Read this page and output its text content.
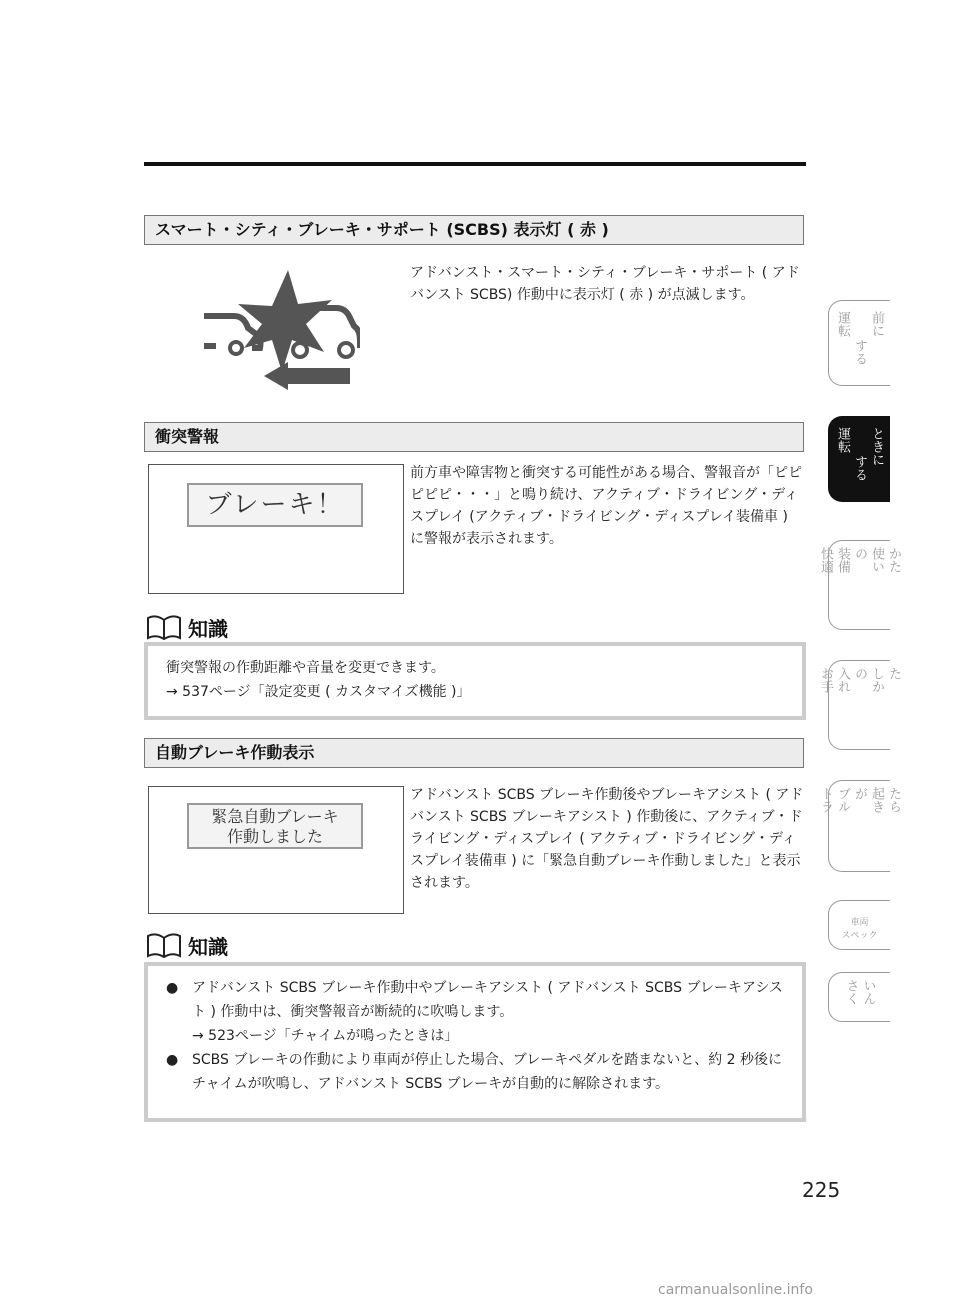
スマート・シティ・ブレーキ・サポート (SCBS) 表示灯 ( 赤 )
アドバンスト・スマート・シティ・ブレーキ・サポート ( アドバンスト SCBS) 作動中に表示灯 ( 赤 ) が点滅します。
衝突警報
ブレーキ！
前方車や障害物と衝突する可能性がある場合、警報音が「ピピピピピ・・・」と鳴り続け、アクティブ・ドライビング・ディスプレイ (アクティブ・ドライビング・ディスプレイ装備車 ) に警報が表示されます。
知識

衝突警報の作動距離や音量を変更できます。

→ 537ページ「設定変更 ( カスタマイズ機能 )」

自動ブレーキ作動表示
緊急自動ブレーキ
作動しました
アドバンスト SCBS ブレーキ作動後やブレーキアシスト ( アドバンスト SCBS ブレーキアシスト ) 作動後に、アクティブ・ドライビング・ディスプレイ ( アクティブ・ドライビング・ディスプレイ装備車 ) に「緊急自動ブレーキ作動しました」と表示されます。
知識
● アドバンスト SCBS ブレーキ作動中やブレーキアシスト ( アドバンスト SCBS ブレーキアシスト ) 作動中は、衝突警報音が断続的に吹鳴します。
→ 523ページ「チャイムが鳴ったときは」
● SCBS ブレーキの作動により車両が停止した場合、ブレーキペダルを踏まないと、約 2 秒後にチャイムが吹鳴し、アドバンスト SCBS ブレーキが自動的に解除されます。
運転
する
前に
運転
する
ときに
快適 装備 の 使い かた
お手 入れ の しか た
トラ ブル が 起き たら
車両
スペック
さく いん
225
carmanualsonline.info
